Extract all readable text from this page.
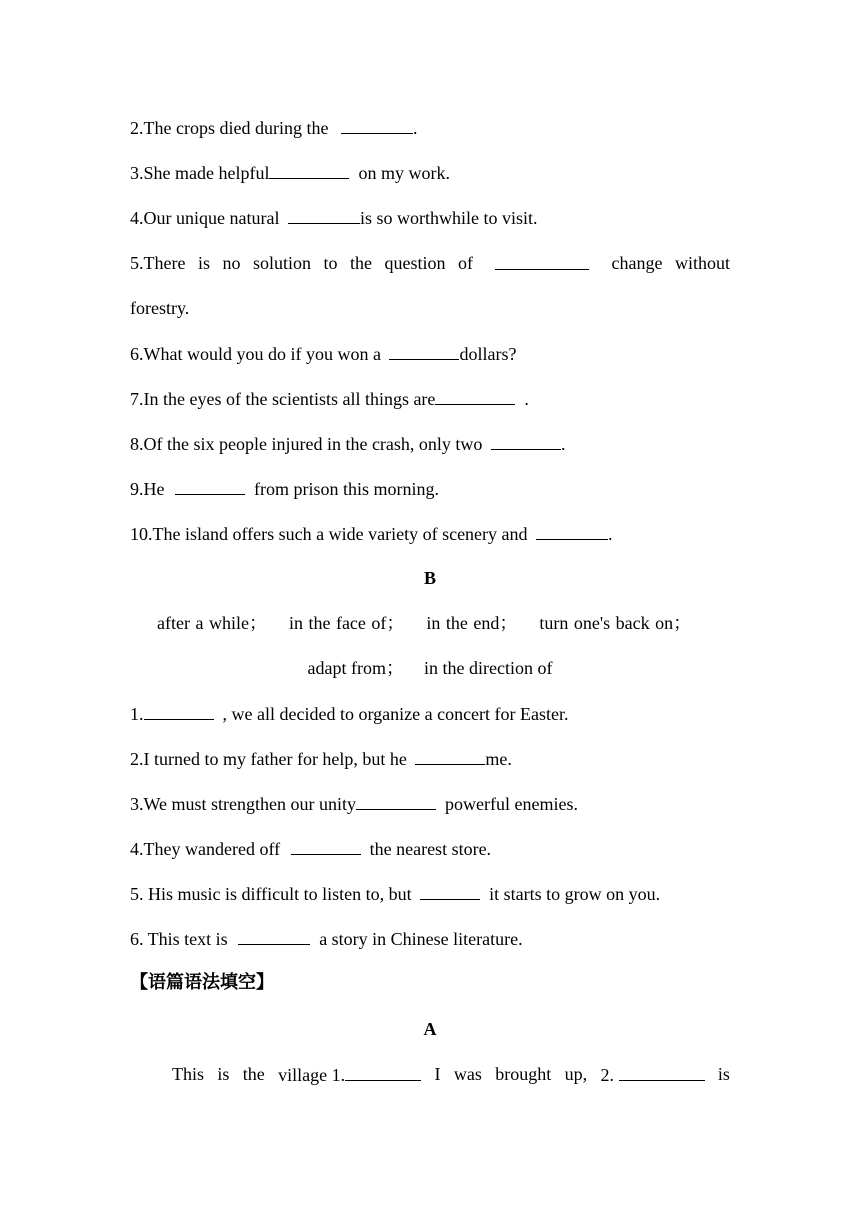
2.The crops died during the	.
3.She made helpful	on my work.
4.Our unique natural	is so worthwhile to visit.
5.There is no solution to the question of	change without
forestry.
6.What would you do if you won a	dollars?
7.In the eyes of the scientists all things are	.
8.Of the six people injured in the crash, only two	.
9.He	from prison this morning.
10.The island offers such a wide variety of scenery and	.
B
after a while； in the face of； in the end； turn one's back on；
adapt from； in the direction of
1.	, we all decided to organize a concert for Easter.
2.I turned to my father for help, but he	me.
3.We must strengthen our unity	powerful enemies.
4.They wandered off	the nearest store.
5. His music is difficult to listen to, but	it starts to grow on you.
6. This text is	a story in Chinese literature.
【语篇语法填空】
A
This is the village 1.	I was brought up, 2.	is
